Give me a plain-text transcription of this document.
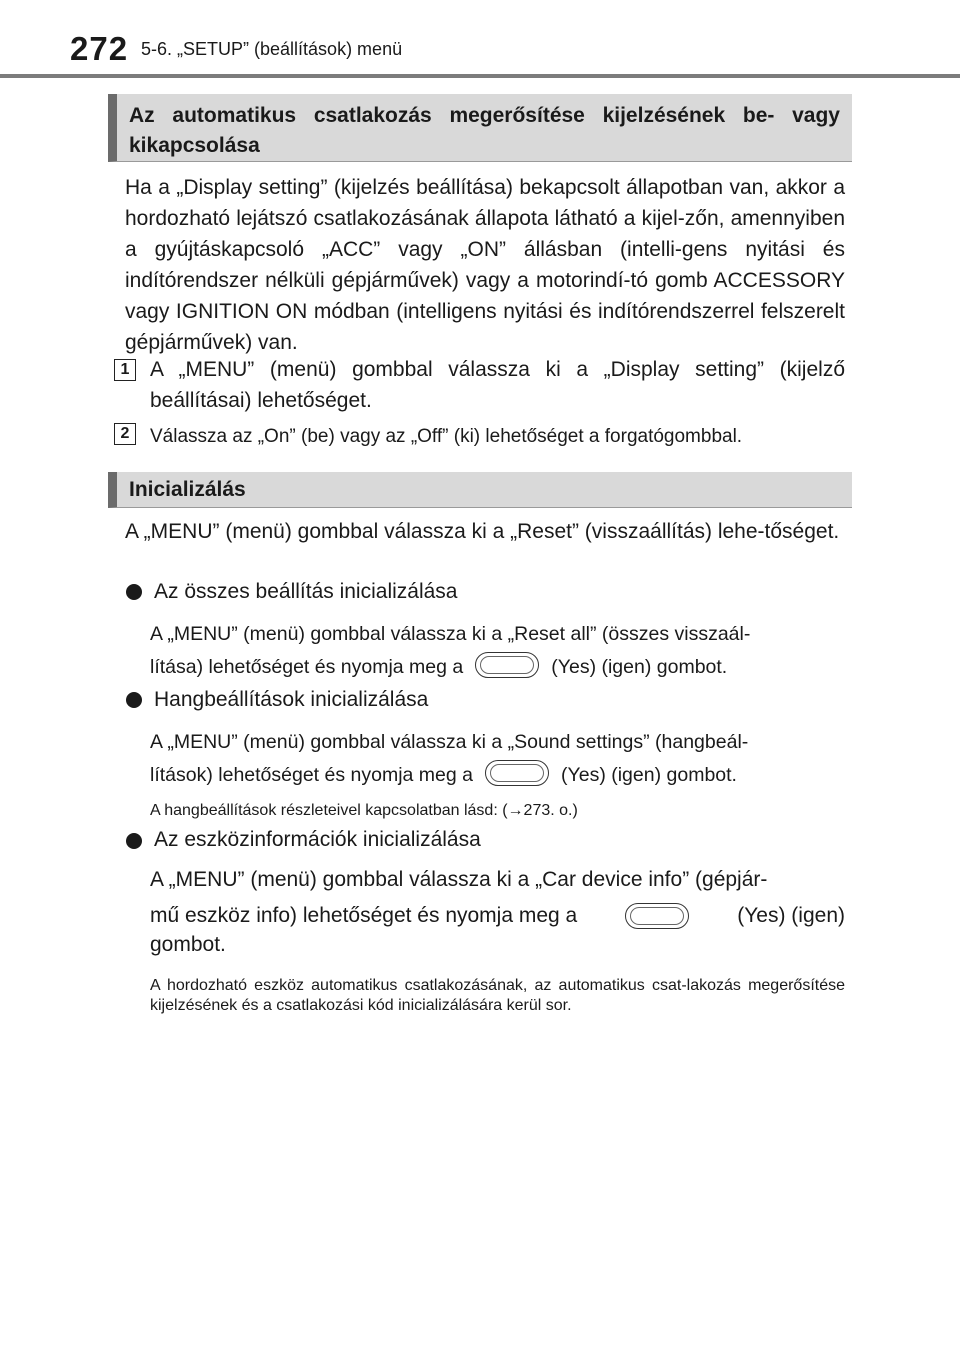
272 5-6. „SETUP” (beállítások) menü
Az automatikus csatlakozás megerősítése kijelzésének be- vagy kikapcsolása
Ha a „Display setting” (kijelzés beállítása) bekapcsolt állapotban van, akkor a hordozható lejátszó csatlakozásának állapota látható a kijel-zőn, amennyiben a gyújtáskapcsoló „ACC” vagy „ON” állásban (intelli-gens nyitási és indítórendszer nélküli gépjárművek) vagy a motorindí-tó gomb ACCESSORY vagy IGNITION ON módban (intelligens nyitási és indítórendszerrel felszerelt gépjárművek) van.
1 A „MENU” (menü) gombbal válassza ki a „Display setting” (kijelző beállításai) lehetőséget.
2	Válassza az „On” (be) vagy az „Off” (ki) lehetőséget a forgatógombbal.
Inicializálás
A „MENU” (menü) gombbal válassza ki a „Reset” (visszaállítás) lehe-tőséget.
Az összes beállítás inicializálása
A „MENU” (menü) gombbal válassza ki a „Reset all” (összes visszaál-
lítása) lehetőséget és nyomja meg a	(Yes) (igen) gombot.
Hangbeállítások inicializálása
A „MENU” (menü) gombbal válassza ki a „Sound settings” (hangbeál-
lítások) lehetőséget és nyomja meg a	(Yes) (igen) gombot.
A hangbeállítások részleteivel kapcsolatban lásd: (→273. o.)
Az eszközinformációk inicializálása
A „MENU” (menü) gombbal válassza ki a „Car device info” (gépjár-
mű eszköz info) lehetőséget és nyomja meg a	(Yes) (igen)
gombot.
A hordozható eszköz automatikus csatlakozásának, az automatikus csat-lakozás megerősítése kijelzésének és a csatlakozási kód inicializálására kerül sor.
